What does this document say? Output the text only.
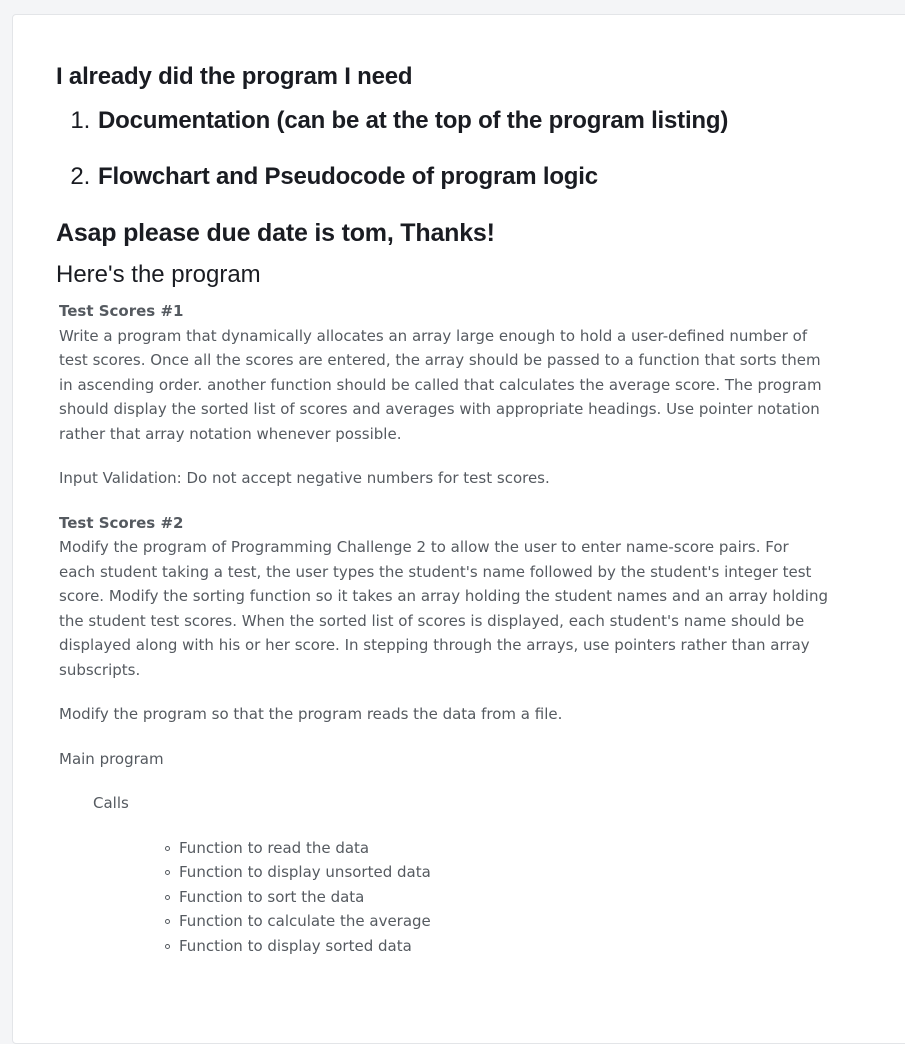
I already did the program I need
1. Documentation (can be at the top of the program listing)
2. Flowchart and Pseudocode of program logic
Asap please due date is tom, Thanks!
Here's the program
Test Scores #1

Write a program that dynamically allocates an array large enough to hold a user-defined number of test scores. Once all the scores are entered, the array should be passed to a function that sorts them in ascending order. another function should be called that calculates the average score. The program should display the sorted list of scores and averages with appropriate headings. Use pointer notation rather that array notation whenever possible.

Input Validation: Do not accept negative numbers for test scores.

Test Scores #2

Modify the program of Programming Challenge 2 to allow the user to enter name-score pairs. For each student taking a test, the user types the student's name followed by the student's integer test score. Modify the sorting function so it takes an array holding the student names and an array holding the student test scores. When the sorted list of scores is displayed, each student's name should be displayed along with his or her score. In stepping through the arrays, use pointers rather than array subscripts.

Modify the program so that the program reads the data from a file.

Main program

Calls

Function to read the data
Function to display unsorted data
Function to sort the data
Function to calculate the average
Function to display sorted data
